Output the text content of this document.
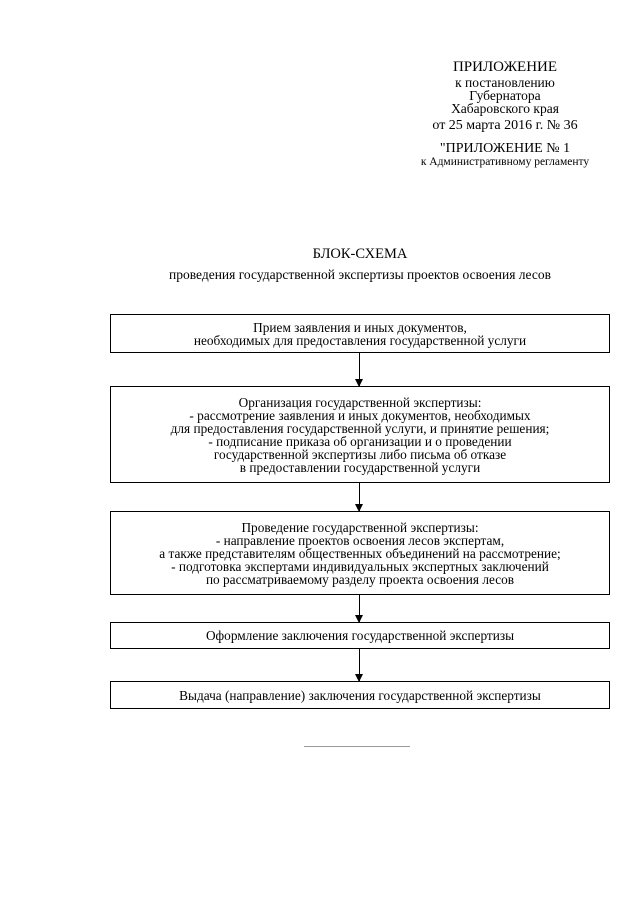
ПРИЛОЖЕНИЕ
к постановлению
Губернатора
Хабаровского края
от 25 марта 2016 г. № 36
"ПРИЛОЖЕНИЕ № 1
к Административному регламенту
БЛОК-СХЕМА
проведения государственной экспертизы проектов освоения лесов
Прием заявления и иных документов,
необходимых для предоставления государственной услуги
Организация государственной экспертизы:
- рассмотрение заявления и иных документов, необходимых
для предоставления государственной услуги, и принятие решения;
- подписание приказа об организации и о проведении
государственной экспертизы либо письма об отказе
в предоставлении государственной услуги
Проведение государственной экспертизы:
- направление проектов освоения лесов экспертам,
а также представителям общественных объединений на рассмотрение;
- подготовка экспертами индивидуальных экспертных заключений
по рассматриваемому разделу проекта освоения лесов
Оформление заключения государственной экспертизы
Выдача (направление) заключения государственной экспертизы
